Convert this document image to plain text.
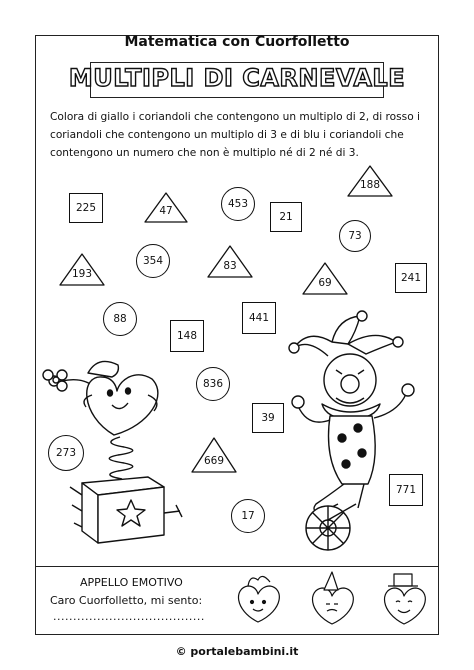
Matematica con Cuorfolletto
MULTIPLI DI CARNEVALE
Colora di giallo i coriandoli che contengono un multiplo di 2, di rosso i coriandoli che contengono un multiplo di 3 e di blu i coriandoli che contengono un numero che non è multiplo né di 2 né di 3.
225
21
241
441
148
39
771
453
73
354
88
836
273
17
47
188
193
83
69
669
APPELLO EMOTIVO
Caro Cuorfolletto, mi sento:
......................................
© portalebambini.it
